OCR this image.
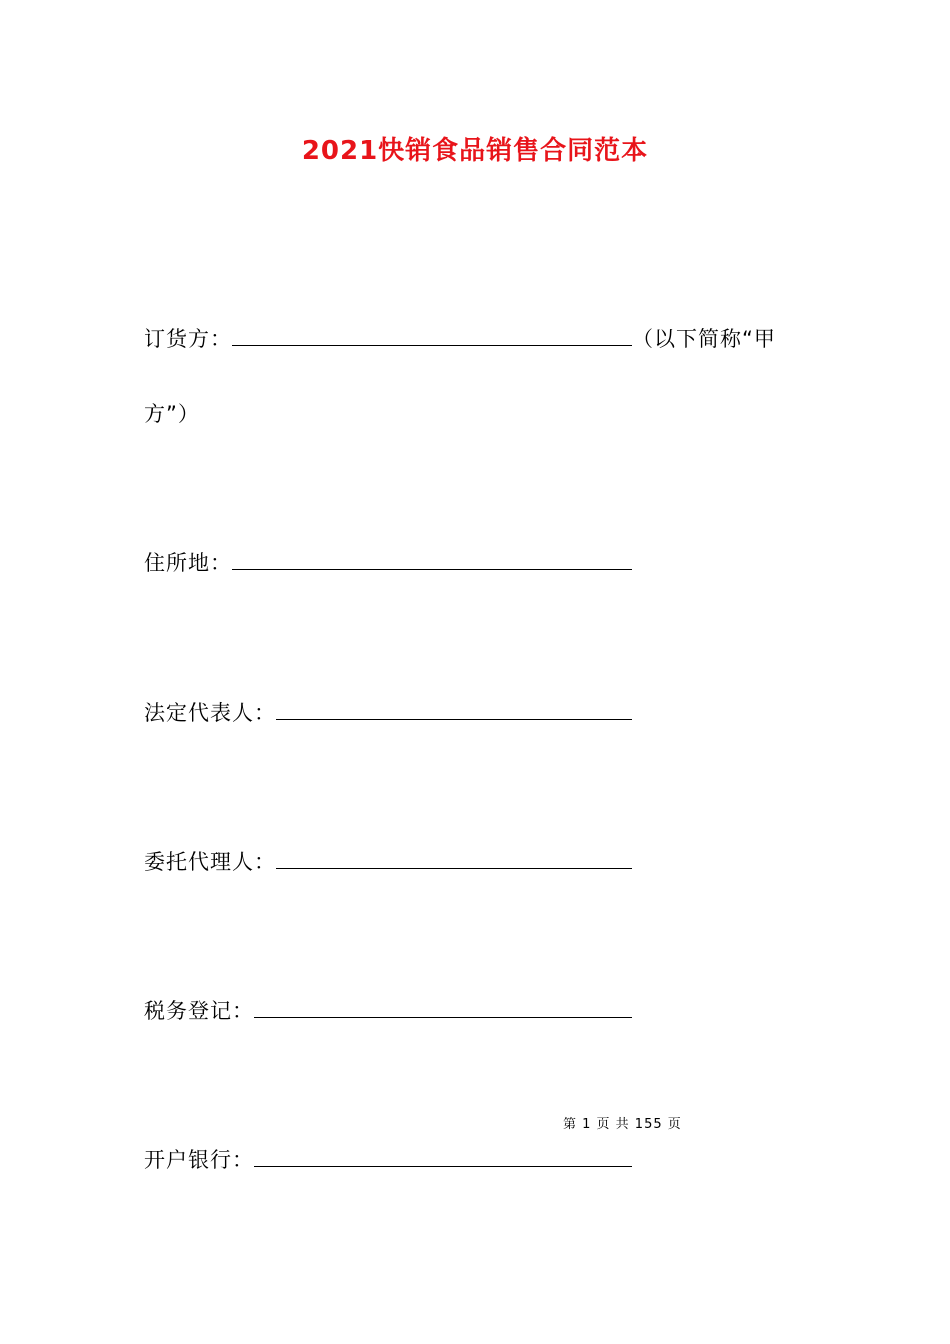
2021快销食品销售合同范本
订货方：	（以下简称“甲
方”）
住所地：
法定代表人：
委托代理人：
税务登记：
第 1 页 共 155 页
开户银行：
